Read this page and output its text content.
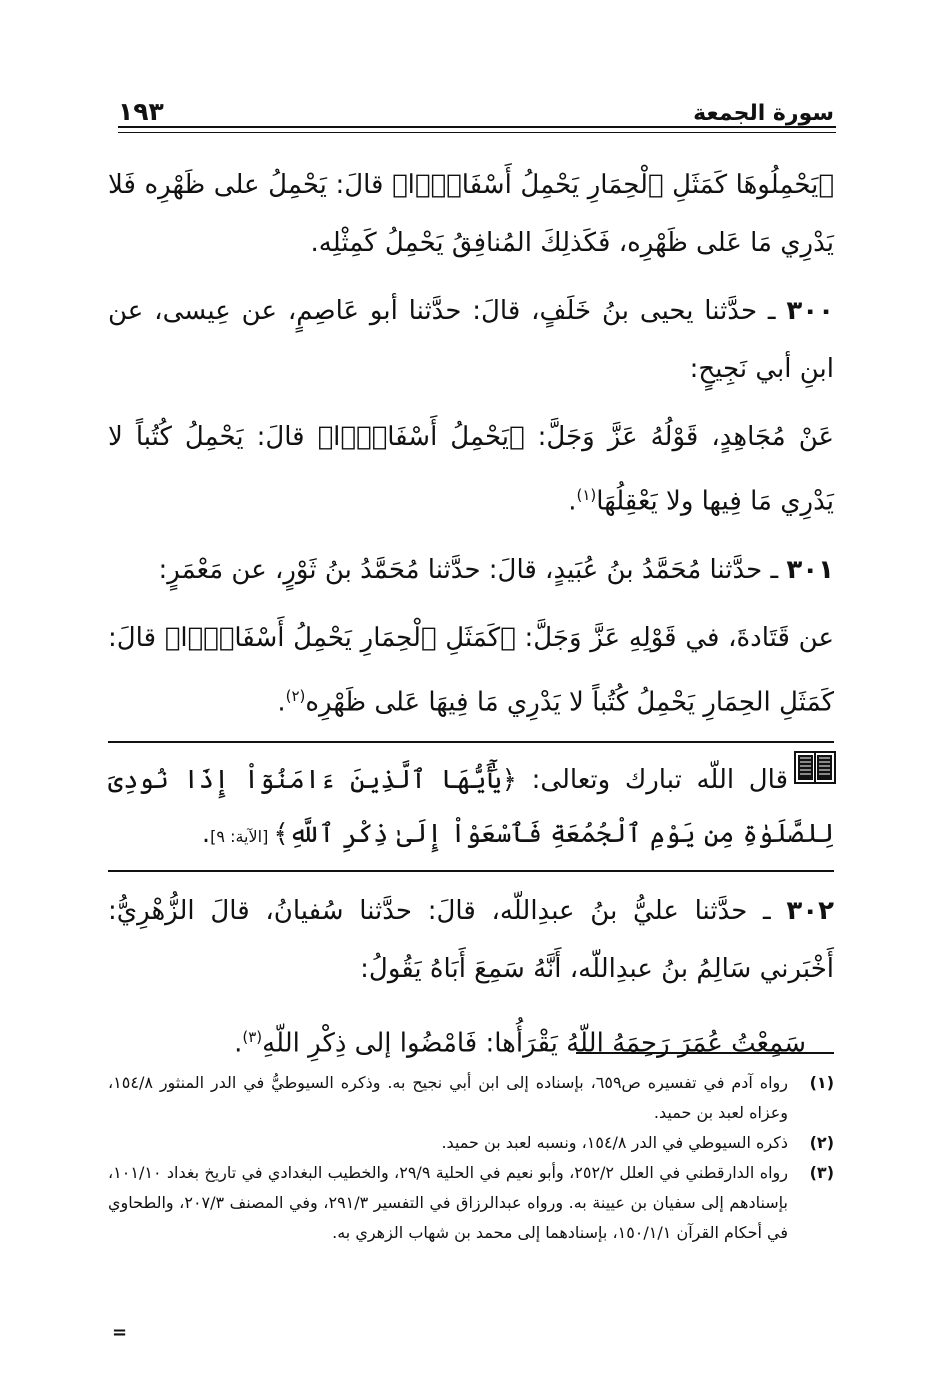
سورة الجمعة
١٩٣

﴿يَحْمِلُوهَا كَمَثَلِ ٱلْحِمَارِ يَحْمِلُ أَسْفَارًۢا﴾ قالَ: يَحْمِلُ على ظَهْرِه فَلا يَدْرِي مَا عَلى ظَهْرِه، فَكَذلِكَ المُنافِقُ يَحْمِلُ كَمِثْلِه.

٣٠٠ ـ حدَّثنا يحيى بنُ خَلَفٍ، قالَ: حدَّثنا أبو عَاصِمٍ، عن عِيسى، عن ابنِ أبي نَجِيحٍ:

عَنْ مُجَاهِدٍ، قَوْلُهُ عَزَّ وَجَلَّ: ﴿يَحْمِلُ أَسْفَارًۢا﴾ قالَ: يَحْمِلُ كُتُباً لا يَدْرِي مَا فِيها ولا يَعْقِلُهَا$^{(١)}$.

٣٠١ ـ حدَّثنا مُحَمَّدُ بنُ عُبَيدٍ، قالَ: حدَّثنا مُحَمَّدُ بنُ ثَوْرٍ، عن مَعْمَرٍ:

عن قَتَادةَ، في قَوْلِهِ عَزَّ وَجَلَّ: ﴿كَمَثَلِ ٱلْحِمَارِ يَحْمِلُ أَسْفَارًۢا﴾ قالَ: كَمَثَلِ الحِمَارِ يَحْمِلُ كُتُباً لا يَدْرِي مَا فِيهَا عَلى ظَهْرِه$^{(٢)}$.

قال اللّه تبارك وتعالى: ﴿يَٰٓأَيُّهَا ٱلَّذِينَ ءَامَنُوٓاْ إِذَا نُودِىَ لِلصَّلَوٰةِ مِن يَوْمِ ٱلْجُمُعَةِ فَٱسْعَوْاْ إِلَىٰ ذِكْرِ ٱللَّهِ﴾ [الآية: ٩].

٣٠٢ ـ حدَّثنا عليُّ بنُ عبدِاللّه، قالَ: حدَّثنا سُفيانُ، قالَ الزُّهْرِيُّ: أَخْبَرني سَالِمُ بنُ عبدِاللّه، أَنَّهُ سَمِعَ أَبَاهُ يَقُولُ:

سَمِعْتُ عُمَرَ رَحِمَهُ اللّهُ يَقْرَأُها: فَامْضُوا إلى ذِكْرِ اللّهِ$^{(٣)}$.

(١)
رواه آدم في تفسيره ص٦٥٩، بإسناده إلى ابن أبي نجيح به. وذكره السيوطيُّ في الدر المنثور ١٥٤/٨، وعزاه لعبد بن حميد.
(٢)
ذكره السيوطي في الدر ١٥٤/٨، ونسبه لعبد بن حميد.
(٣)
رواه الدارقطني في العلل ٢٥٢/٢، وأبو نعيم في الحلية ٢٩/٩، والخطيب البغدادي في تاريخ بغداد ١٠١/١٠، بإسنادهم إلى سفيان بن عيينة به. ورواه عبدالرزاق في التفسير ٢٩١/٣، وفي المصنف ٢٠٧/٣، والطحاوي في أحكام القرآن ١٥٠/١/١، بإسنادهما إلى محمد بن شهاب الزهري به.
=
